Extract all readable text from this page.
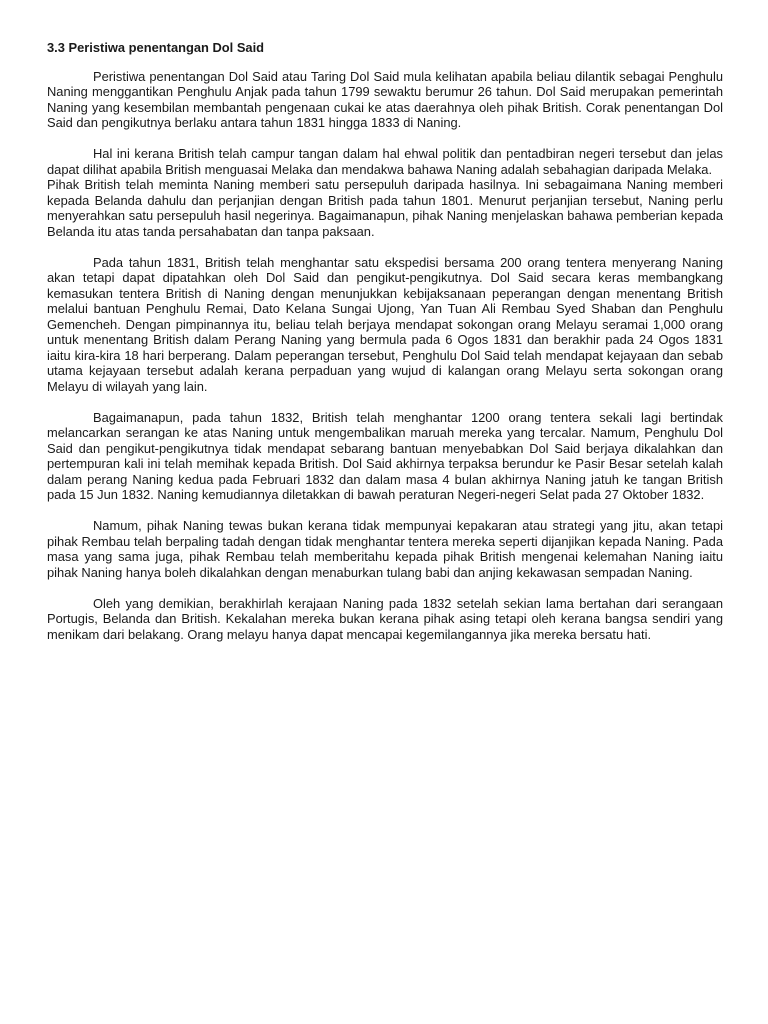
3.3 Peristiwa penentangan Dol Said

Peristiwa penentangan Dol Said atau Taring Dol Said mula kelihatan apabila beliau dilantik sebagai Penghulu Naning menggantikan Penghulu Anjak pada tahun 1799 sewaktu berumur 26 tahun. Dol Said merupakan pemerintah Naning yang kesembilan membantah pengenaan cukai ke atas daerahnya oleh pihak British. Corak penentangan Dol Said dan pengikutnya berlaku antara tahun 1831 hingga 1833 di Naning.

Hal ini kerana British telah campur tangan dalam hal ehwal politik dan pentadbiran negeri tersebut dan jelas dapat dilihat apabila British menguasai Melaka dan mendakwa bahawa Naning adalah sebahagian daripada Melaka.

Pihak British telah meminta Naning memberi satu persepuluh daripada hasilnya. Ini sebagaimana Naning memberi kepada Belanda dahulu dan perjanjian dengan British pada tahun 1801. Menurut perjanjian tersebut, Naning perlu menyerahkan satu persepuluh hasil negerinya. Bagaimanapun, pihak Naning menjelaskan bahawa pemberian kepada Belanda itu atas tanda persahabatan dan tanpa paksaan.

Pada tahun 1831, British telah menghantar satu ekspedisi bersama 200 orang tentera menyerang Naning akan tetapi dapat dipatahkan oleh Dol Said dan pengikut-pengikutnya. Dol Said secara keras membangkang kemasukan tentera British di Naning dengan menunjukkan kebijaksanaan peperangan dengan menentang British melalui bantuan Penghulu Remai, Dato Kelana Sungai Ujong, Yan Tuan Ali Rembau Syed Shaban dan Penghulu Gemencheh. Dengan pimpinannya itu, beliau telah berjaya mendapat sokongan orang Melayu seramai 1,000 orang untuk menentang British dalam Perang Naning yang bermula pada 6 Ogos 1831 dan berakhir pada 24 Ogos 1831 iaitu kira-kira 18 hari berperang. Dalam peperangan tersebut, Penghulu Dol Said telah mendapat kejayaan dan sebab utama kejayaan tersebut adalah kerana perpaduan yang wujud di kalangan orang Melayu serta sokongan orang Melayu di wilayah yang lain.

Bagaimanapun, pada tahun 1832, British telah menghantar 1200 orang tentera sekali lagi bertindak melancarkan serangan ke atas Naning untuk mengembalikan maruah mereka yang tercalar. Namum, Penghulu Dol Said dan pengikut-pengikutnya tidak mendapat sebarang bantuan menyebabkan Dol Said berjaya dikalahkan dan pertempuran kali ini telah memihak kepada British. Dol Said akhirnya terpaksa berundur ke Pasir Besar setelah kalah dalam perang Naning kedua pada Februari 1832 dan dalam masa 4 bulan akhirnya Naning jatuh ke tangan British pada 15 Jun 1832. Naning kemudiannya diletakkan di bawah peraturan Negeri-negeri Selat pada 27 Oktober 1832.

Namum, pihak Naning tewas bukan kerana tidak mempunyai kepakaran atau strategi yang jitu, akan tetapi pihak Rembau telah berpaling tadah dengan tidak menghantar tentera mereka seperti dijanjikan kepada Naning. Pada masa yang sama juga, pihak Rembau telah memberitahu kepada pihak British mengenai kelemahan Naning iaitu pihak Naning hanya boleh dikalahkan dengan menaburkan tulang babi dan anjing kekawasan sempadan Naning.

Oleh yang demikian, berakhirlah kerajaan Naning pada 1832 setelah sekian lama bertahan dari serangaan Portugis, Belanda dan British. Kekalahan mereka bukan kerana pihak asing tetapi oleh kerana bangsa sendiri yang menikam dari belakang. Orang melayu hanya dapat mencapai kegemilangannya jika mereka bersatu hati.
